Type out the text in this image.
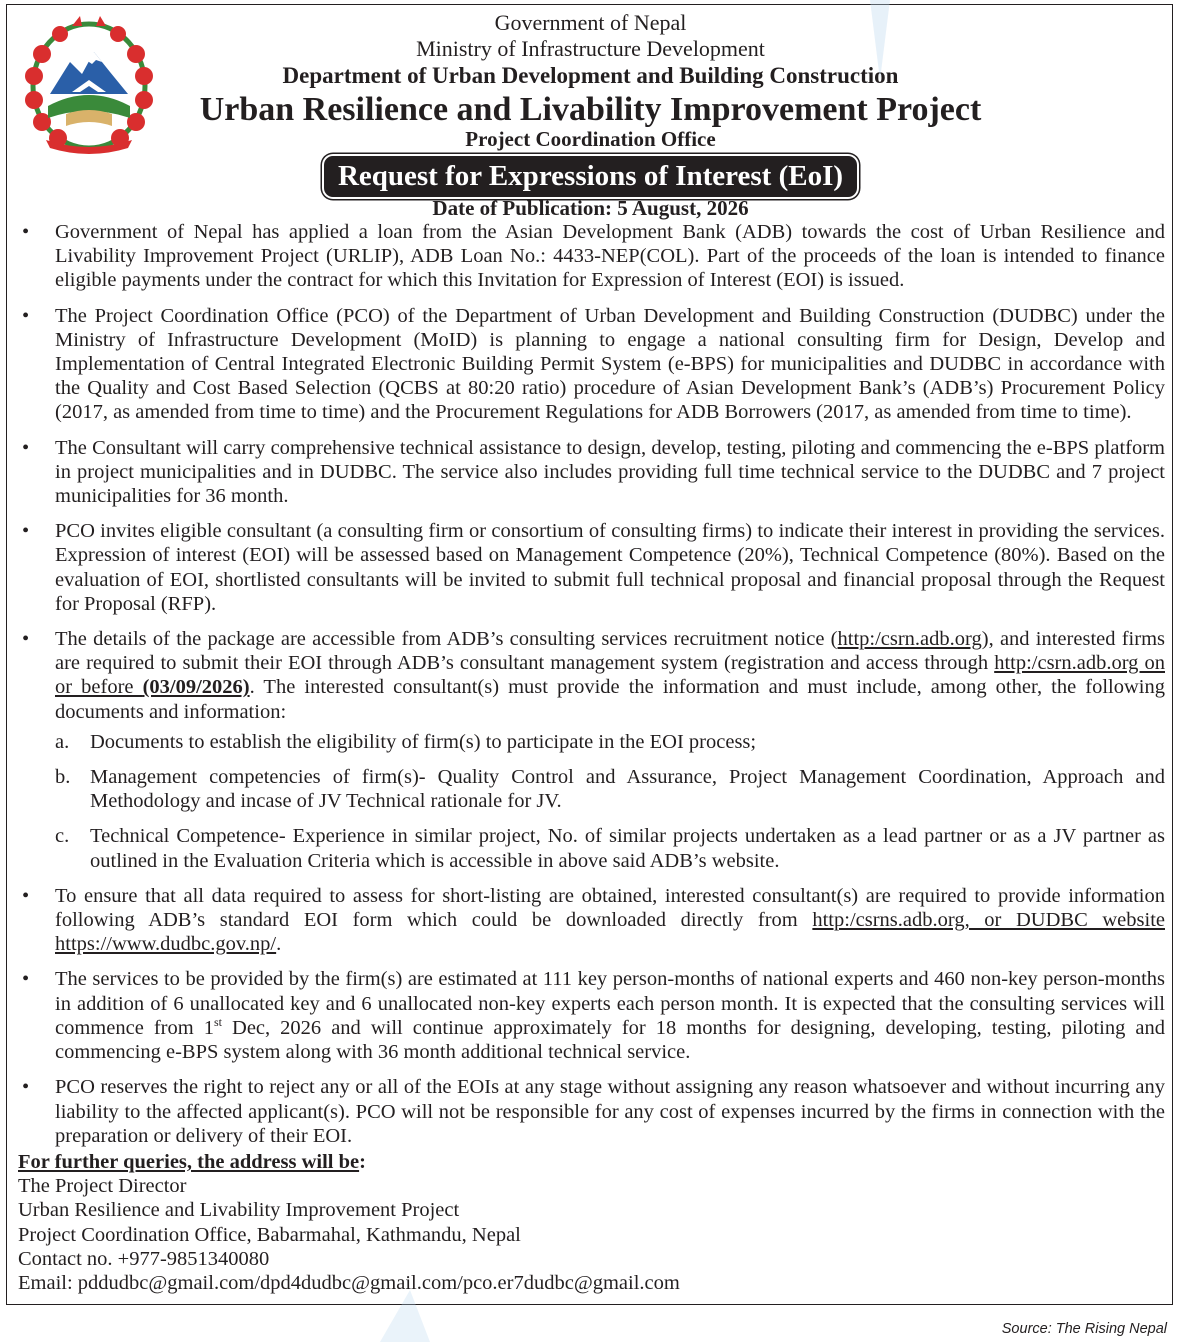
Government of Nepal
Ministry of Infrastructure Development
Department of Urban Development and Building Construction
Urban Resilience and Livability Improvement Project
Project Coordination Office
Request for Expressions of Interest (EoI)
Date of Publication: 5 August, 2026
• Government of Nepal has applied a loan from the Asian Development Bank (ADB) towards the cost of Urban Resilience and Livability Improvement Project (URLIP), ADB Loan No.: 4433-NEP(COL). Part of the proceeds of the loan is intended to finance eligible payments under the contract for which this Invitation for Expression of Interest (EOI) is issued.
• The Project Coordination Office (PCO) of the Department of Urban Development and Building Construction (DUDBC) under the Ministry of Infrastructure Development (MoID) is planning to engage a national consulting firm for Design, Develop and Implementation of Central Integrated Electronic Building Permit System (e-BPS) for municipalities and DUDBC in accordance with the Quality and Cost Based Selection (QCBS at 80:20 ratio) procedure of Asian Development Bank’s (ADB’s) Procurement Policy (2017, as amended from time to time) and the Procurement Regulations for ADB Borrowers (2017, as amended from time to time).
• The Consultant will carry comprehensive technical assistance to design, develop, testing, piloting and commencing the e-BPS platform in project municipalities and in DUDBC. The service also includes providing full time technical service to the DUDBC and 7 project municipalities for 36 month.
• PCO invites eligible consultant (a consulting firm or consortium of consulting firms) to indicate their interest in providing the services. Expression of interest (EOI) will be assessed based on Management Competence (20%), Technical Competence (80%). Based on the evaluation of EOI, shortlisted consultants will be invited to submit full technical proposal and financial proposal through the Request for Proposal (RFP).
• The details of the package are accessible from ADB’s consulting services recruitment notice (http:/csrn.adb.org), and interested firms are required to submit their EOI through ADB’s consultant management system (registration and access through http:/csrn.adb.org on or before (03/09/2026). The interested consultant(s) must provide the information and must include, among other, the following documents and information:
a. Documents to establish the eligibility of firm(s) to participate in the EOI process;
b. Management competencies of firm(s)- Quality Control and Assurance, Project Management Coordination, Approach and Methodology and incase of JV Technical rationale for JV.
c. Technical Competence- Experience in similar project, No. of similar projects undertaken as a lead partner or as a JV partner as outlined in the Evaluation Criteria which is accessible in above said ADB’s website.
• To ensure that all data required to assess for short-listing are obtained, interested consultant(s) are required to provide information following ADB’s standard EOI form which could be downloaded directly from http:/csrns.adb.org, or DUDBC website https://www.dudbc.gov.np/.
• The services to be provided by the firm(s) are estimated at 111 key person-months of national experts and 460 non-key person-months in addition of 6 unallocated key and 6 unallocated non-key experts each person month. It is expected that the consulting services will commence from 1st Dec, 2026 and will continue approximately for 18 months for designing, developing, testing, piloting and commencing e-BPS system along with 36 month additional technical service.
• PCO reserves the right to reject any or all of the EOIs at any stage without assigning any reason whatsoever and without incurring any liability to the affected applicant(s). PCO will not be responsible for any cost of expenses incurred by the firms in connection with the preparation or delivery of their EOI.
For further queries, the address will be:
The Project Director
Urban Resilience and Livability Improvement Project
Project Coordination Office, Babarmahal, Kathmandu, Nepal
Contact no. +977-9851340080
Email: pddudbc@gmail.com/dpd4dudbc@gmail.com/pco.er7dudbc@gmail.com
Source: The Rising Nepal
